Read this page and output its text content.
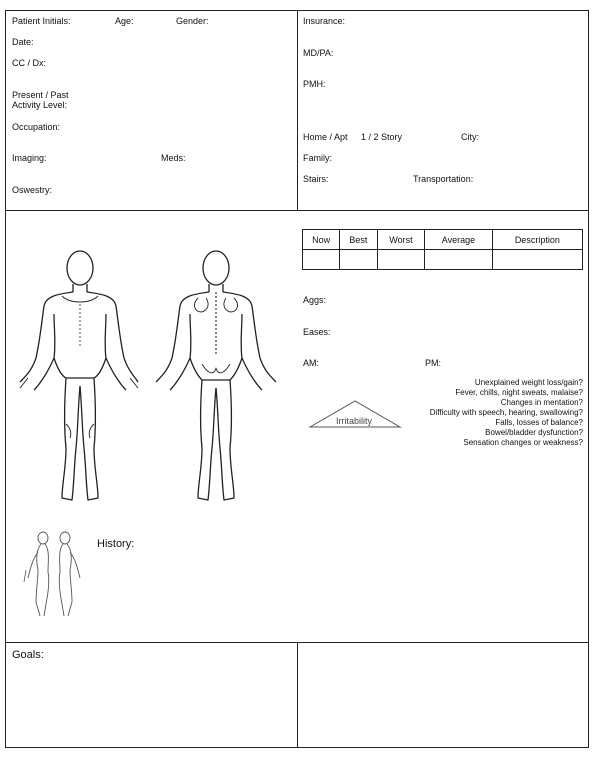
Patient Initials:	Age:	Gender:
Date:
CC / Dx:
Present / Past
Activity Level:
Occupation:
Imaging:	Meds:
Oswestry:
Insurance:
MD/PA:
PMH:
Home / Apt 1 / 2 Story	City:
Family:
Stairs:	Transportation:
Now	Best	Worst	Average	Description

Aggs:
Eases:
AM:	PM:
Irritability
Unexplained weight loss/gain?
Fever, chills, night sweats, malaise?
Changes in mentation?
Difficulty with speech, hearing, swallowing?
Falls, losses of balance?
Bowel/bladder dysfunction?
Sensation changes or weakness?
History:
Goals:
